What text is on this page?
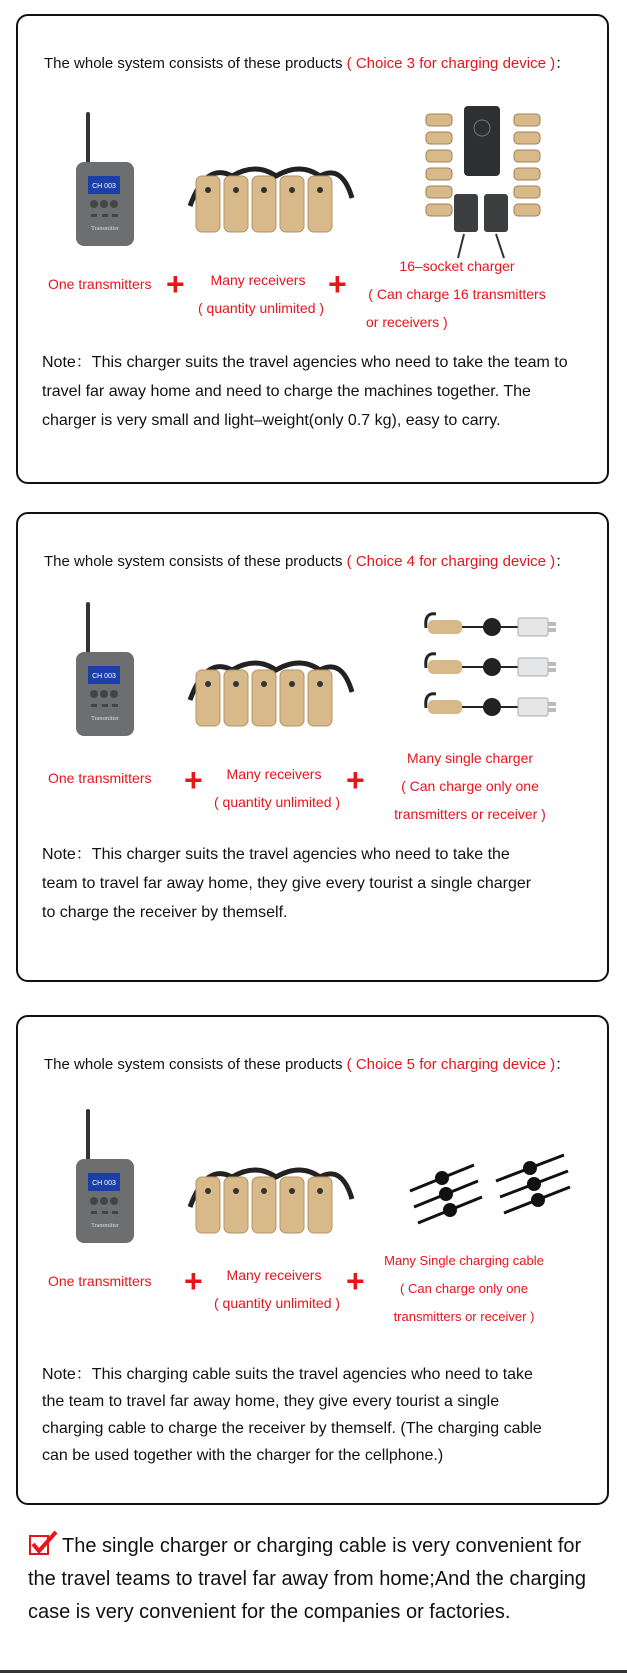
The whole system consists of these products ( Choice 3 for charging device )：
CH 003
Transmitter
One transmitters +	Many receivers
( quantity unlimited )
+	16–socket charger
( Can charge 16 transmitters
or receivers )
Note：This charger suits the travel agencies who need to take the team to
travel far away home and need to charge the machines together. The
charger is very small and light–weight(only 0.7 kg), easy to carry.
The whole system consists of these products ( Choice 4 for charging device )：
CH 003
Transmitter
One transmitters +	Many receivers
( quantity unlimited )
+
Many single charger
( Can charge only one
transmitters or receiver )
Note：This charger suits the travel agencies who need to take the
team to travel far away home, they give every tourist a single charger
to charge the receiver by themself.
The whole system consists of these products ( Choice 5 for charging device )：
CH 003
Transmitter
One transmitters +	Many receivers
( quantity unlimited )
+
Many Single charging cable
( Can charge only one
transmitters or receiver )
Note：This charging cable suits the travel agencies who need to take
the team to travel far away home, they give every tourist a single
charging cable to charge the receiver by themself. (The charging cable
can be used together with the charger for the cellphone.)
The single charger or charging cable is very convenient for
the travel teams to travel far away from home;And the charging
case is very convenient for the companies or factories.
